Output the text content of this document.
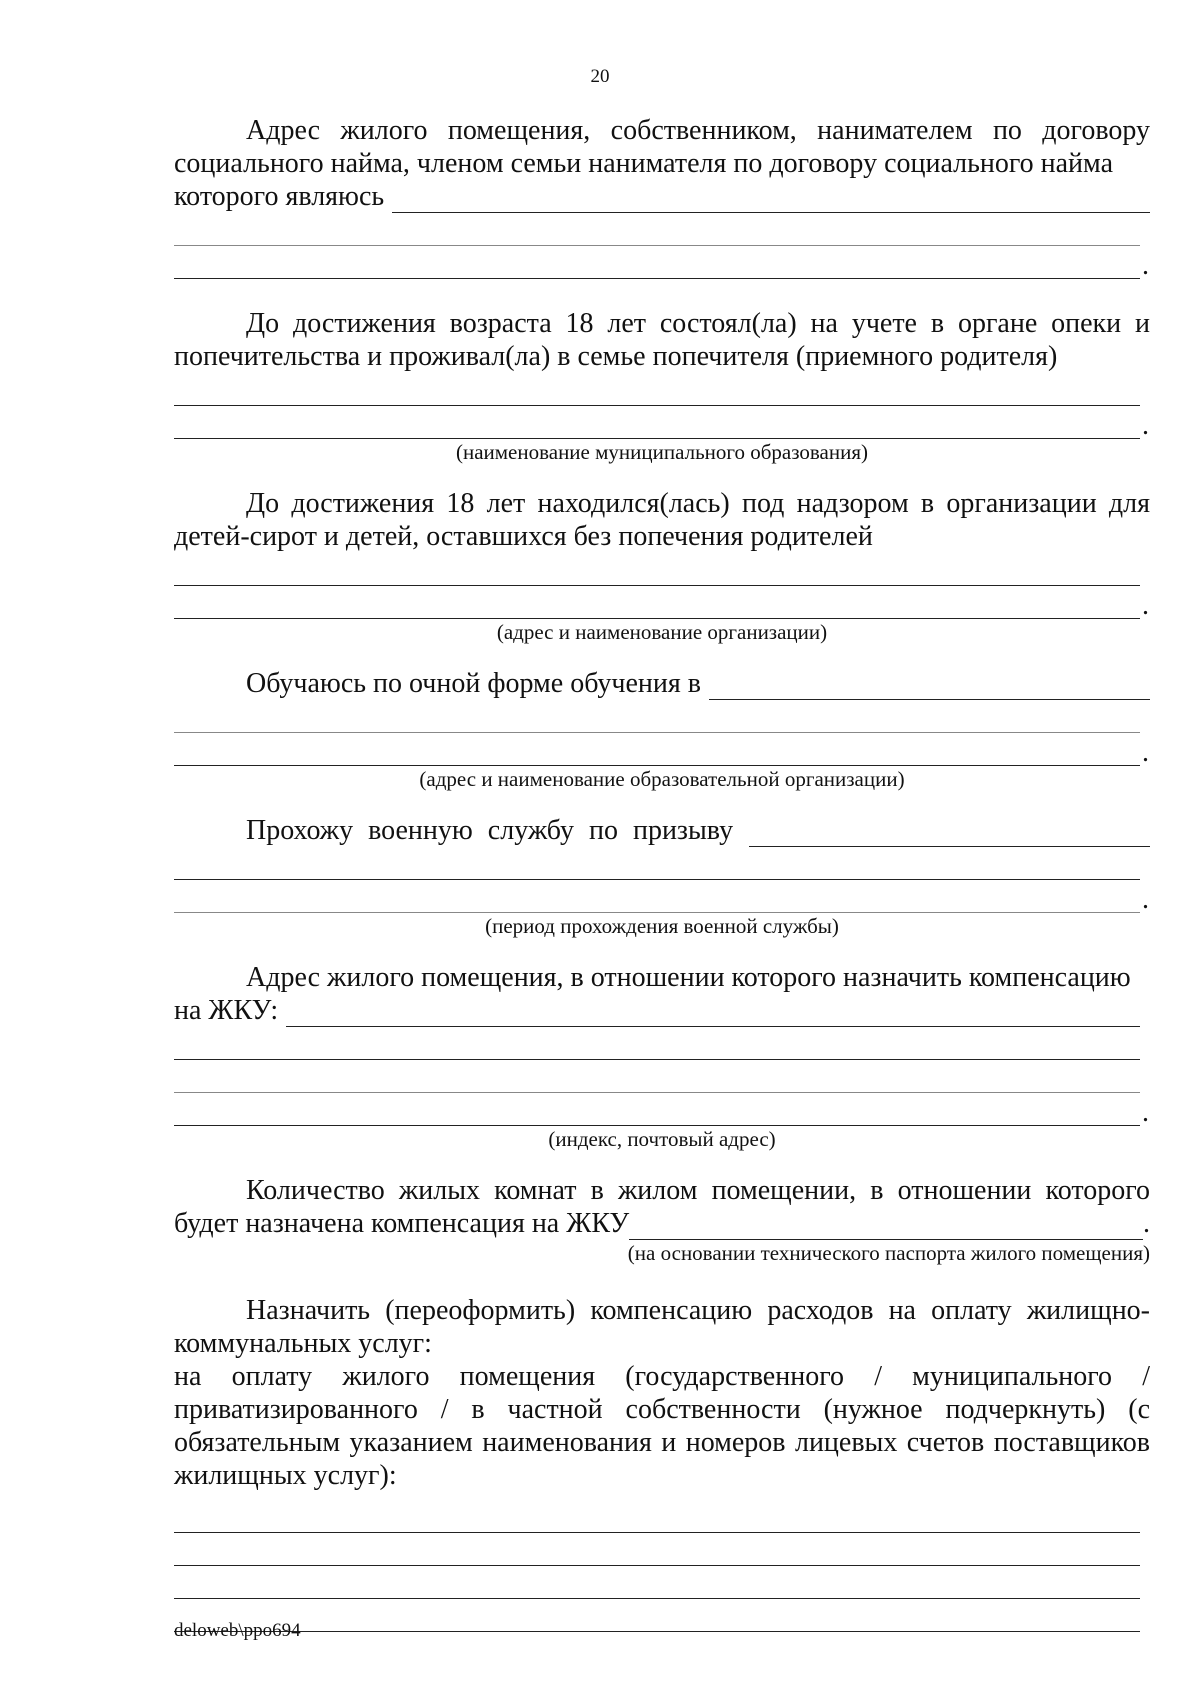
20

Адрес жилого помещения, собственником, нанимателем по договору социального найма, членом семьи нанимателя по договору социального найма

которого являюсь
.

До достижения возраста 18 лет состоял(ла) на учете в органе опеки и попечительства и проживал(ла) в семье попечителя (приемного родителя)

.

(наименование муниципального образования)

До достижения 18 лет находился(лась) под надзором в организации для детей-сирот и детей, оставшихся без попечения родителей

.

(адрес и наименование организации)

Обучаюсь по очной форме обучения в
.

(адрес и наименование образовательной организации)

Прохожу военную службу по призыву
.

(период прохождения военной службы)

Адрес жилого помещения, в отношении которого назначить компенсацию

на ЖКУ:
.

(индекс, почтовый адрес)

Количество жилых комнат в жилом помещении, в отношении которого

будет назначена компенсация на ЖКУ	.

(на основании технического паспорта жилого помещения)

Назначить (переоформить) компенсацию расходов на оплату жилищно-коммунальных услуг:

на оплату жилого помещения (государственного / муниципального / приватизированного / в частной собственности (нужное подчеркнуть) (с обязательным указанием наименования и номеров лицевых счетов поставщиков жилищных услуг):

deloweb\ppo694
